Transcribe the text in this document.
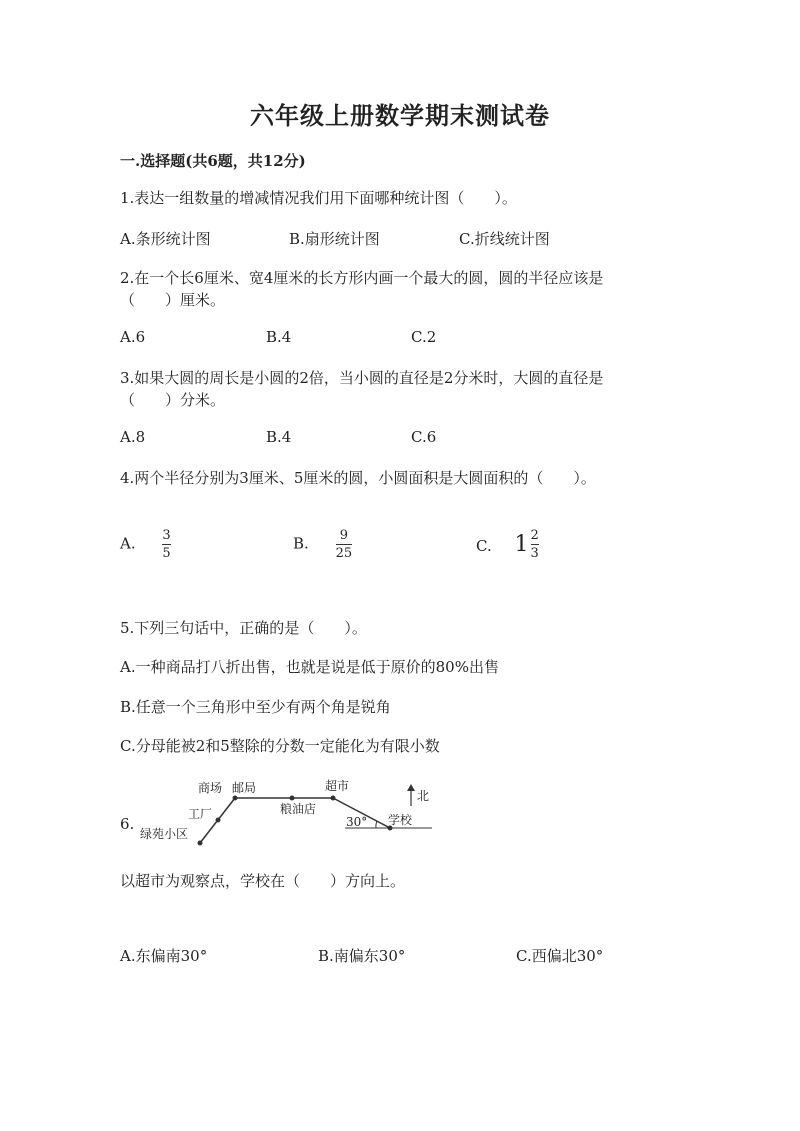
六年级上册数学期末测试卷
一.选择题(共6题，共12分)
1.表达一组数量的增减情况我们用下面哪种统计图（　　）。
A.条形统计图	B.扇形统计图	C.折线统计图
2.在一个长6厘米、宽4厘米的长方形内画一个最大的圆，圆的半径应该是
（　　）厘米。
A.6	B.4	C.2
3.如果大圆的周长是小圆的2倍，当小圆的直径是2分米时，大圆的直径是
（　　）分米。
A.8	B.4	C.6
4.两个半径分别为3厘米、5厘米的圆，小圆面积是大圆面积的（　　）。
A. $\frac{3}{5}$	B. $\frac{9}{25}$	C. $1 \frac{2}{3}$
5.下列三句话中，正确的是（　　）。
A.一种商品打八折出售，也就是说是低于原价的80%出售
B.任意一个三角形中至少有两个角是锐角
C.分母能被2和5整除的分数一定能化为有限小数
6.
商场 邮局	超市
北
工厂	粮油店
30° 学校
绿苑小区
以超市为观察点，学校在（　　）方向上。
A.东偏南30°	B.南偏东30°	C.西偏北30°
